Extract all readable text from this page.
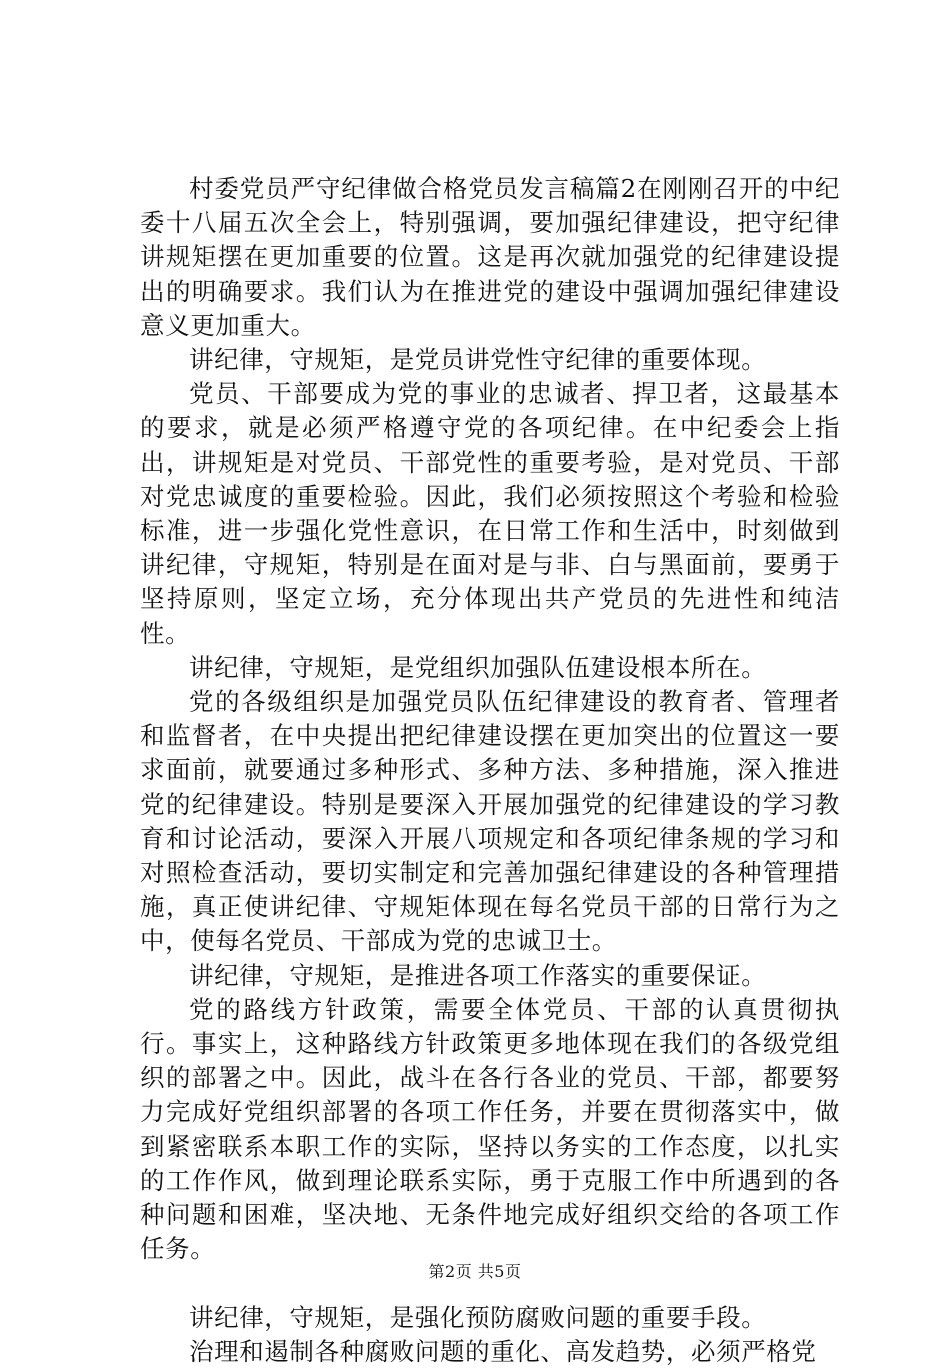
村委党员严守纪律做合格党员发言稿篇2在刚刚召开的中纪委十八届五次全会上，特别强调，要加强纪律建设，把守纪律讲规矩摆在更加重要的位置。这是再次就加强党的纪律建设提出的明确要求。我们认为在推进党的建设中强调加强纪律建设意义更加重大。

讲纪律，守规矩，是党员讲党性守纪律的重要体现。

党员、干部要成为党的事业的忠诚者、捍卫者，这最基本的要求，就是必须严格遵守党的各项纪律。在中纪委会上指出，讲规矩是对党员、干部党性的重要考验，是对党员、干部对党忠诚度的重要检验。因此，我们必须按照这个考验和检验标准，进一步强化党性意识，在日常工作和生活中，时刻做到讲纪律，守规矩，特别是在面对是与非、白与黑面前，要勇于坚持原则，坚定立场，充分体现出共产党员的先进性和纯洁性。

讲纪律，守规矩，是党组织加强队伍建设根本所在。

党的各级组织是加强党员队伍纪律建设的教育者、管理者和监督者，在中央提出把纪律建设摆在更加突出的位置这一要求面前，就要通过多种形式、多种方法、多种措施，深入推进党的纪律建设。特别是要深入开展加强党的纪律建设的学习教育和讨论活动，要深入开展八项规定和各项纪律条规的学习和对照检查活动，要切实制定和完善加强纪律建设的各种管理措施，真正使讲纪律、守规矩体现在每名党员干部的日常行为之中，使每名党员、干部成为党的忠诚卫士。

讲纪律，守规矩，是推进各项工作落实的重要保证。

党的路线方针政策，需要全体党员、干部的认真贯彻执行。事实上，这种路线方针政策更多地体现在我们的各级党组织的部署之中。因此，战斗在各行各业的党员、干部，都要努力完成好党组织部署的各项工作任务，并要在贯彻落实中，做到紧密联系本职工作的实际，坚持以务实的工作态度，以扎实的工作作风，做到理论联系实际，勇于克服工作中所遇到的各种问题和困难，坚决地、无条件地完成好组织交给的各项工作任务。

讲纪律，守规矩，是强化预防腐败问题的重要手段。

治理和遏制各种腐败问题的重化、高发趋势，必须严格党

第2页 共5页
